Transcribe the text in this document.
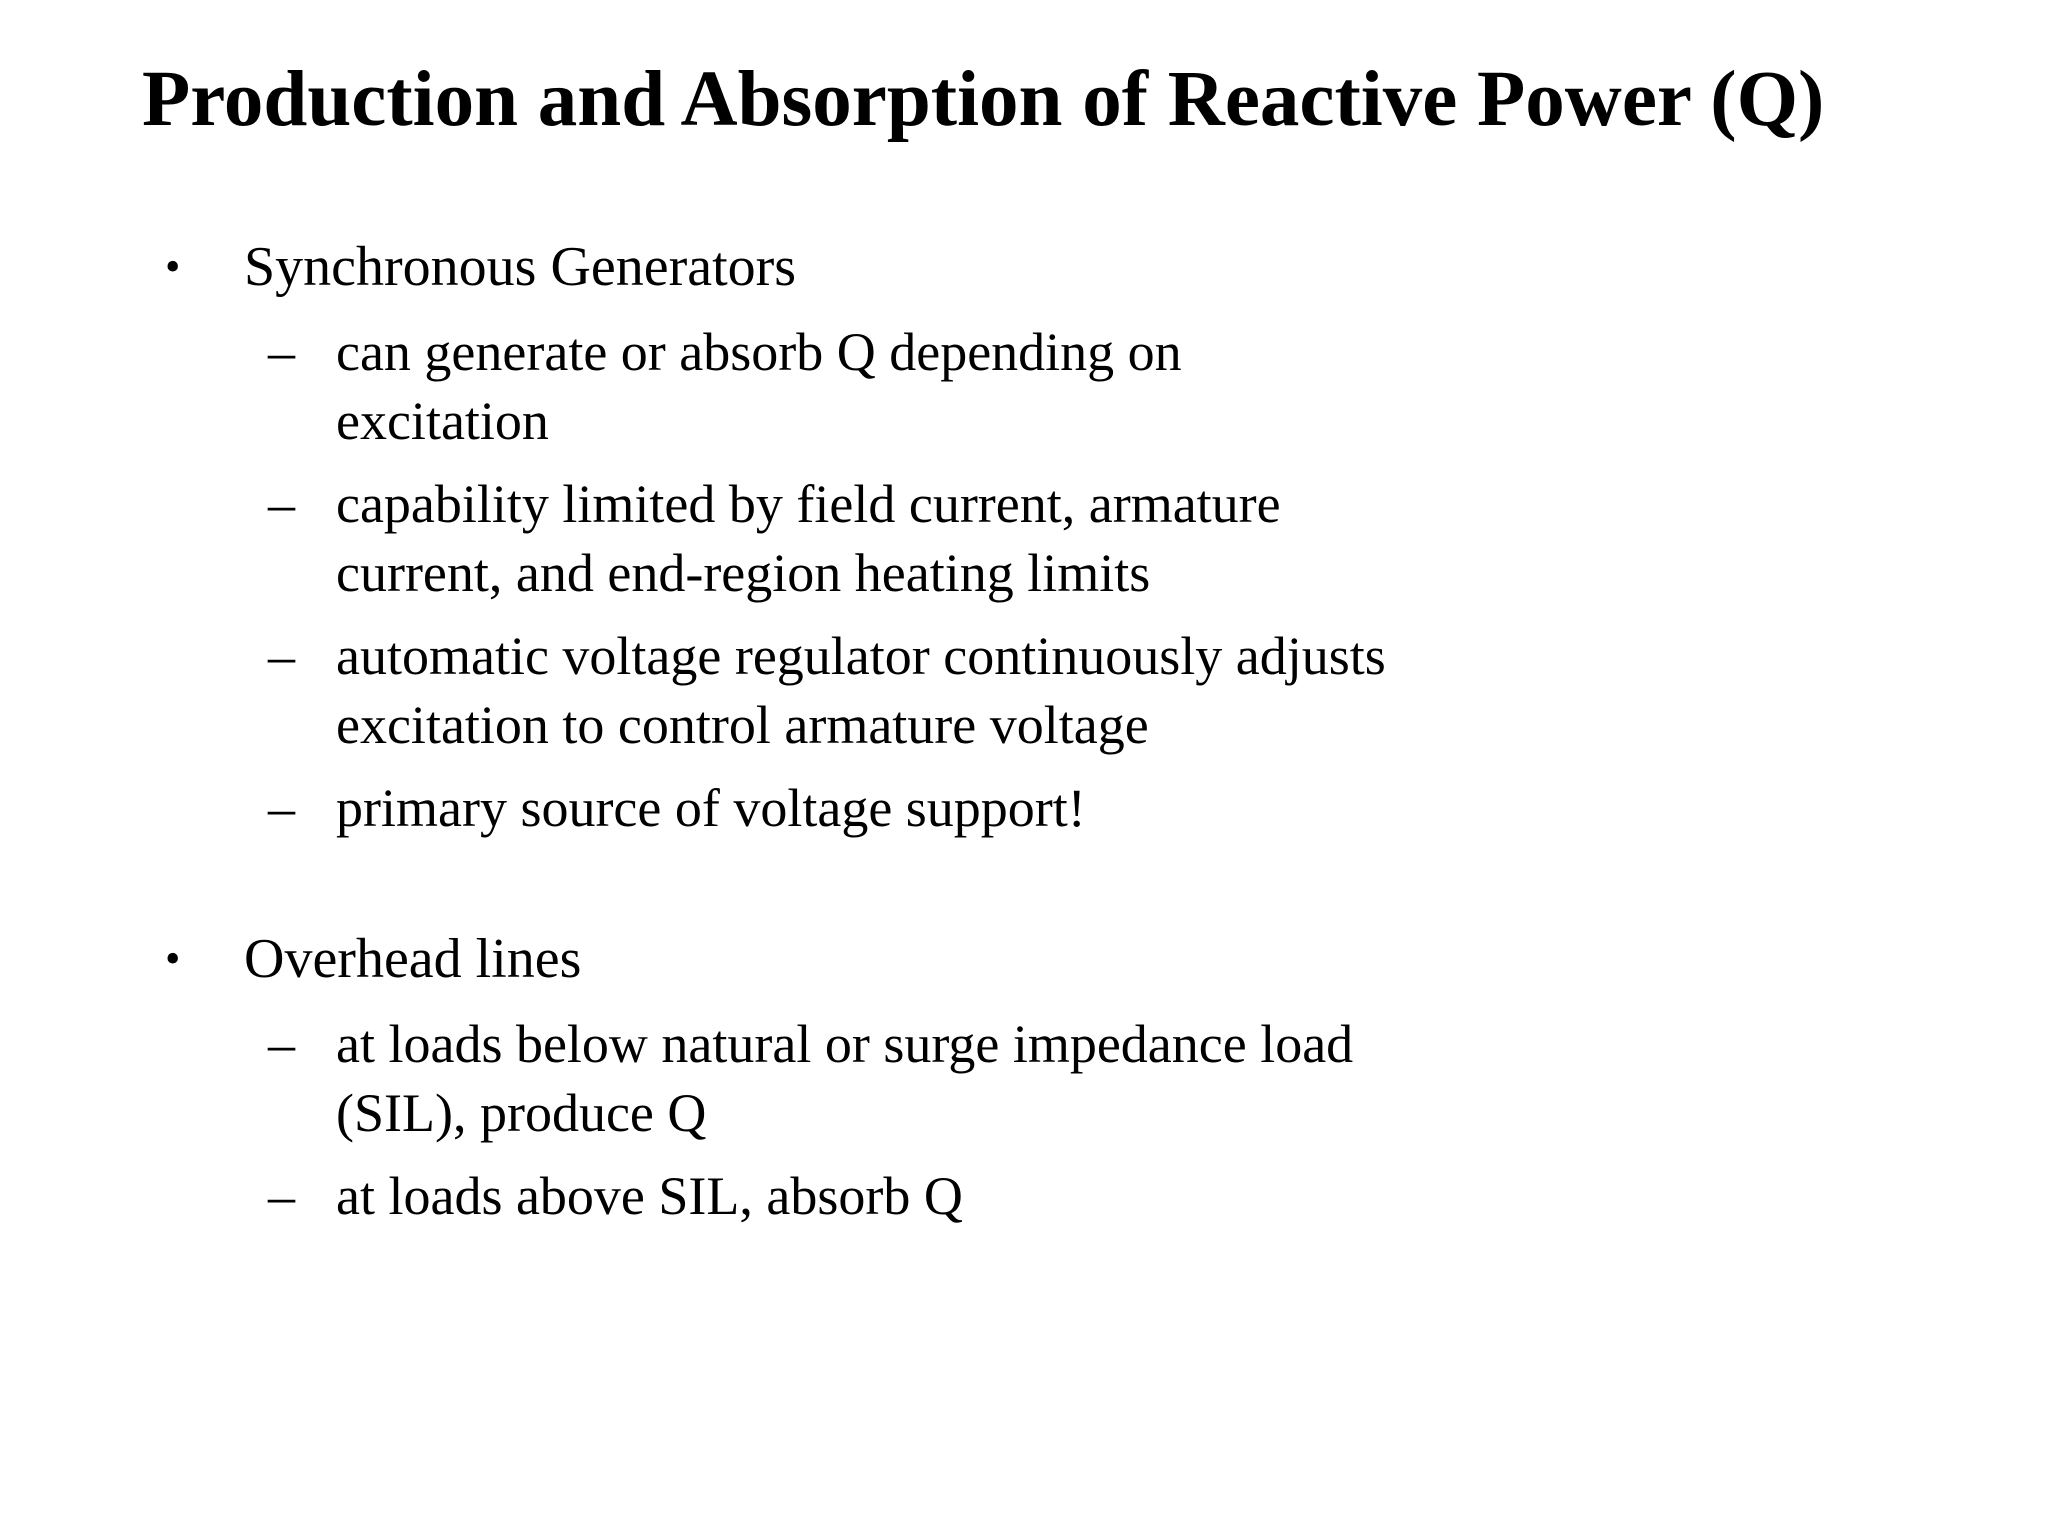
Production and Absorption of Reactive Power (Q)
• Synchronous Generators
– can generate or absorb Q depending on excitation
– capability limited by field current, armature current, and end-region heating limits
– automatic voltage regulator continuously adjusts excitation to control armature voltage
– primary source of voltage support!
• Overhead lines
– at loads below natural or surge impedance load (SIL), produce Q
– at loads above SIL, absorb Q
